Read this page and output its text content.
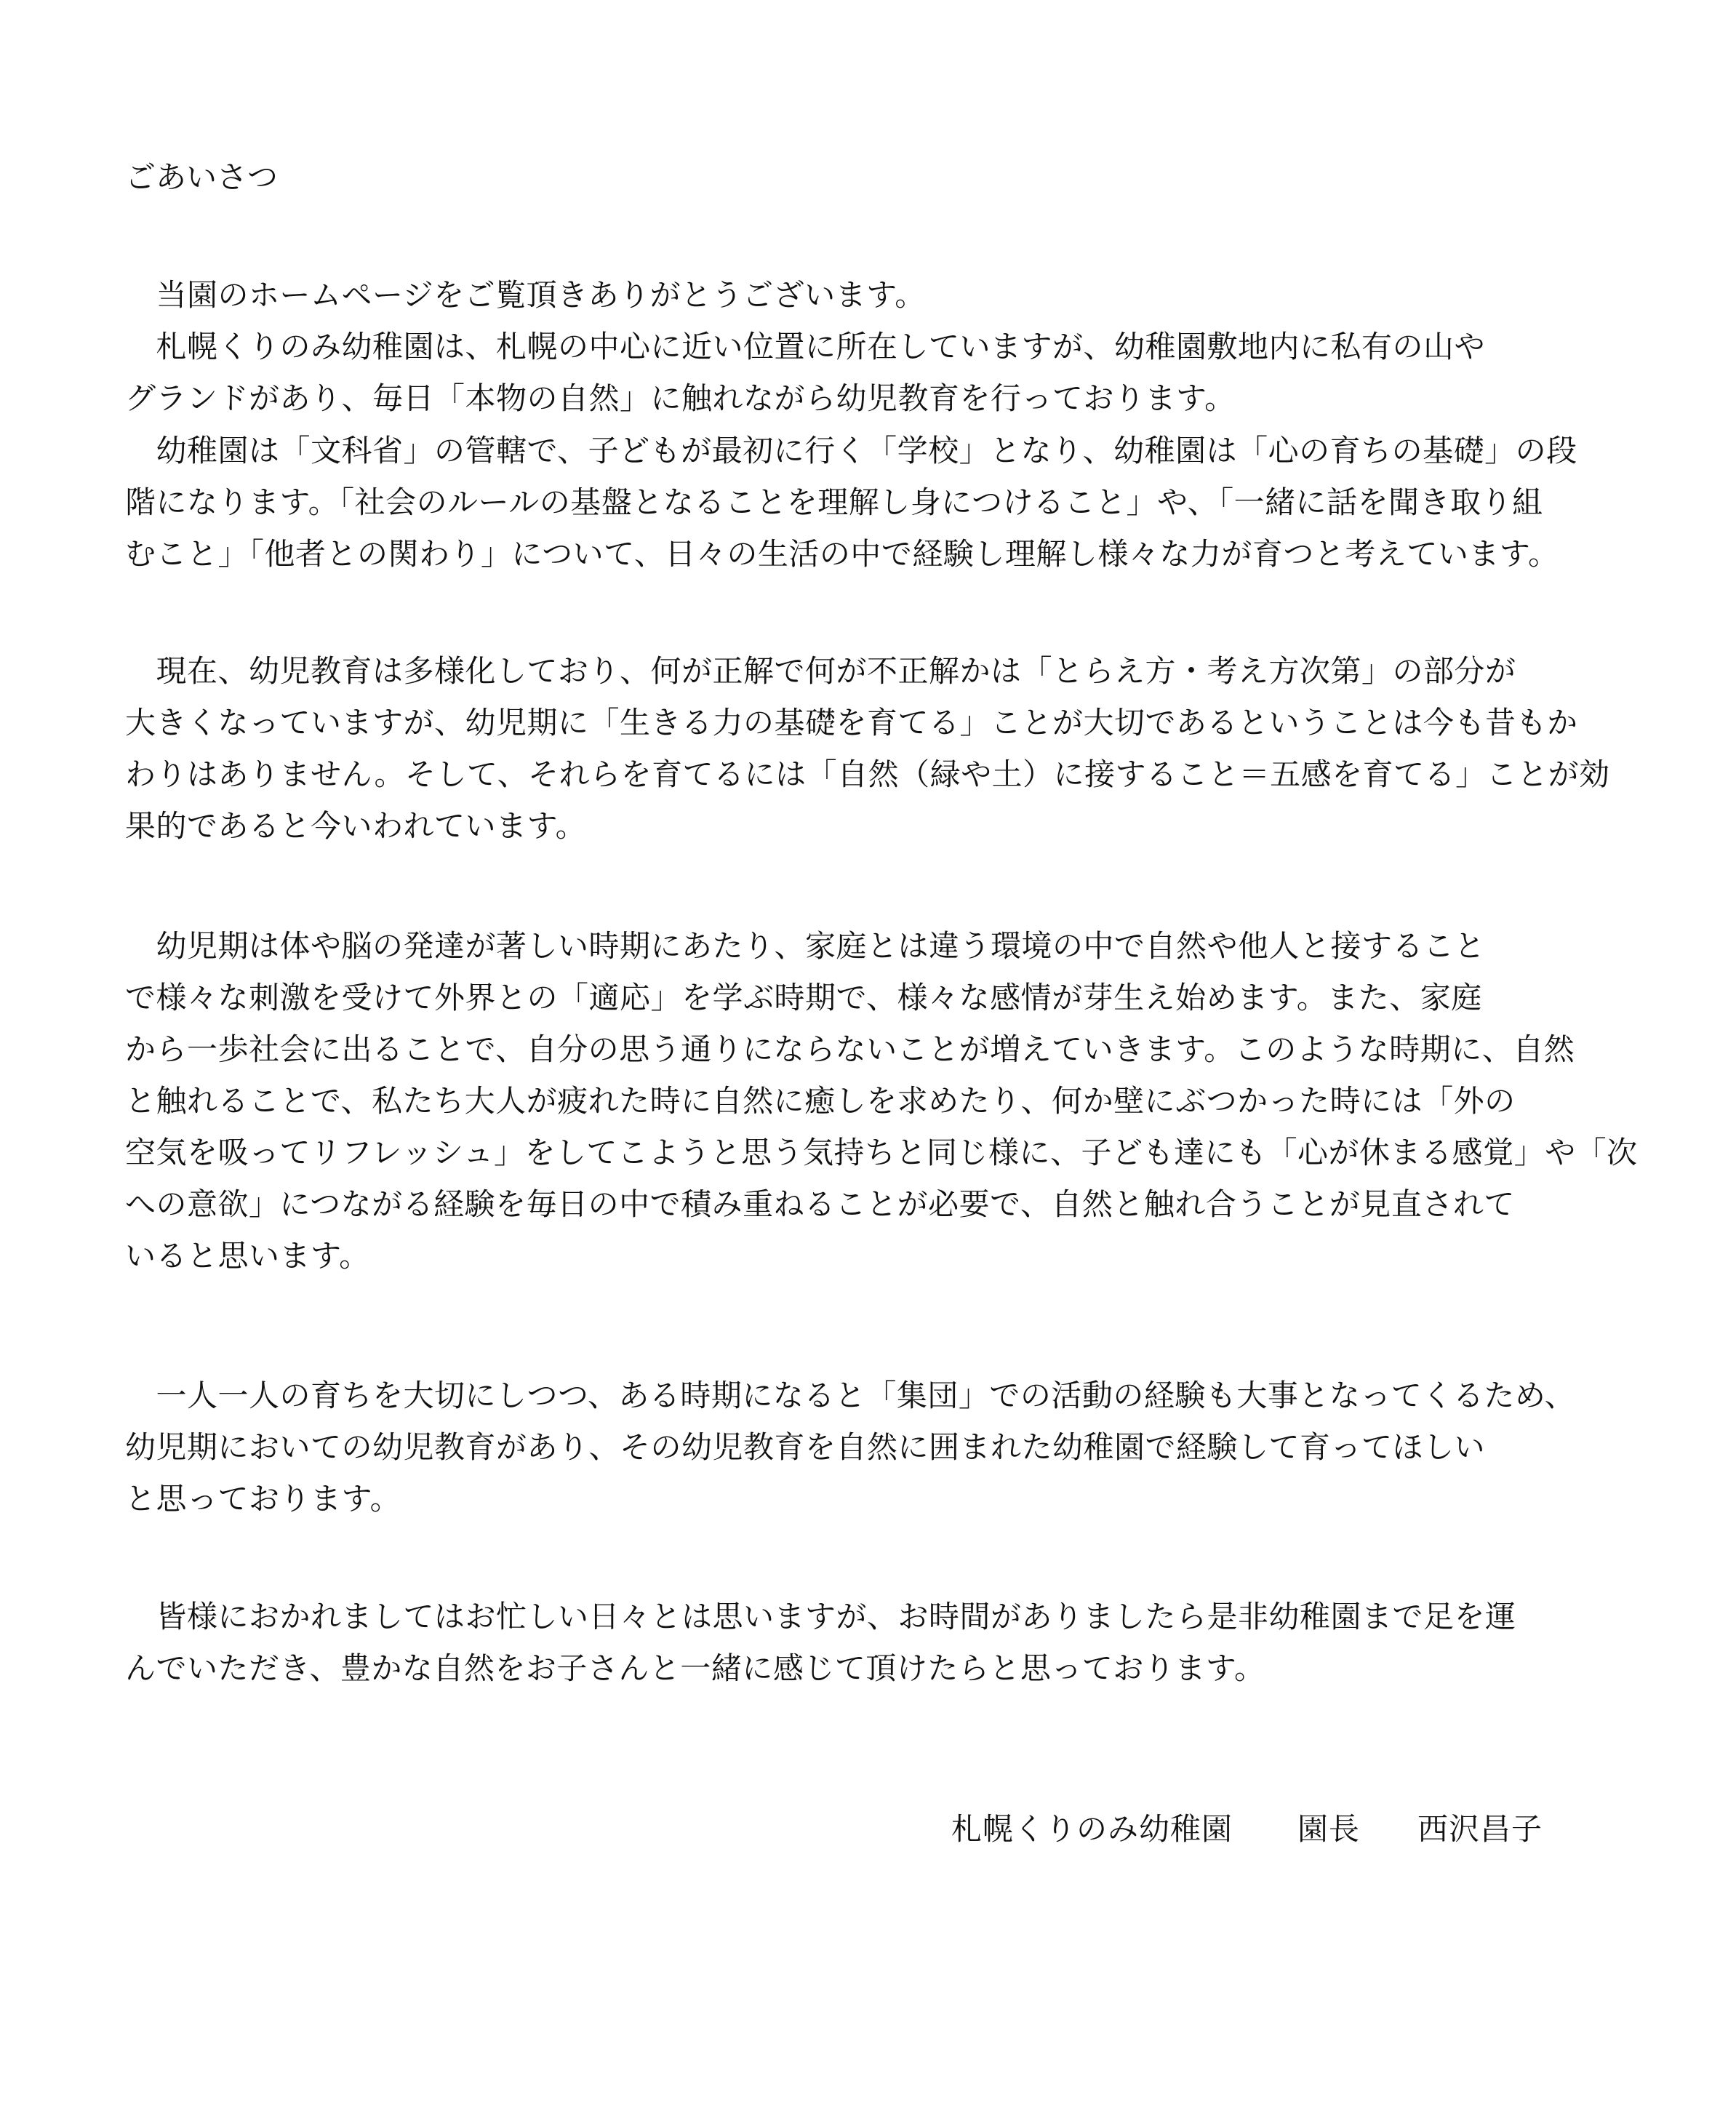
ごあいさつ

　当園のホームページをご覧頂きありがとうございます。

　札幌くりのみ幼稚園は、札幌の中心に近い位置に所在していますが、幼稚園敷地内に私有の山や

グランドがあり、毎日「本物の自然」に触れながら幼児教育を行っております。

　幼稚園は「文科省」の管轄で、子どもが最初に行く「学校」となり、幼稚園は「心の育ちの基礎」の段

階になります。「社会のルールの基盤となることを理解し身につけること」や、「一緒に話を聞き取り組

むこと」「他者との関わり」について、日々の生活の中で経験し理解し様々な力が育つと考えています。

　現在、幼児教育は多様化しており、何が正解で何が不正解かは「とらえ方・考え方次第」の部分が

大きくなっていますが、幼児期に「生きる力の基礎を育てる」ことが大切であるということは今も昔もか

わりはありません。そして、それらを育てるには「自然（緑や土）に接すること＝五感を育てる」ことが効

果的であると今いわれています。

　幼児期は体や脳の発達が著しい時期にあたり、家庭とは違う環境の中で自然や他人と接すること

で様々な刺激を受けて外界との「適応」を学ぶ時期で、様々な感情が芽生え始めます。また、家庭

から一歩社会に出ることで、自分の思う通りにならないことが増えていきます。このような時期に、自然

と触れることで、私たち大人が疲れた時に自然に癒しを求めたり、何か壁にぶつかった時には「外の

空気を吸ってリフレッシュ」をしてこようと思う気持ちと同じ様に、子ども達にも「心が休まる感覚」や「次

への意欲」につながる経験を毎日の中で積み重ねることが必要で、自然と触れ合うことが見直されて

いると思います。

　一人一人の育ちを大切にしつつ、ある時期になると「集団」での活動の経験も大事となってくるため、

幼児期においての幼児教育があり、その幼児教育を自然に囲まれた幼稚園で経験して育ってほしい

と思っております。

　皆様におかれましてはお忙しい日々とは思いますが、お時間がありましたら是非幼稚園まで足を運

んでいただき、豊かな自然をお子さんと一緒に感じて頂けたらと思っております。

札幌くりのみ幼稚園 園長 西沢昌子
